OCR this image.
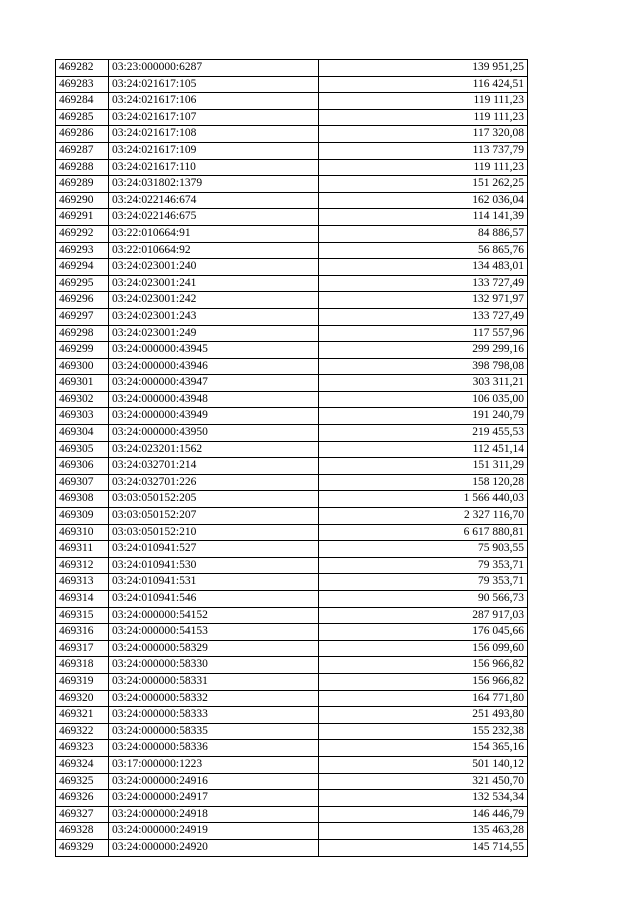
469282	03:23:000000:6287	139 951,25
469283	03:24:021617:105	116 424,51
469284	03:24:021617:106	119 111,23
469285	03:24:021617:107	119 111,23
469286	03:24:021617:108	117 320,08
469287	03:24:021617:109	113 737,79
469288	03:24:021617:110	119 111,23
469289	03:24:031802:1379	151 262,25
469290	03:24:022146:674	162 036,04
469291	03:24:022146:675	114 141,39
469292	03:22:010664:91	84 886,57
469293	03:22:010664:92	56 865,76
469294	03:24:023001:240	134 483,01
469295	03:24:023001:241	133 727,49
469296	03:24:023001:242	132 971,97
469297	03:24:023001:243	133 727,49
469298	03:24:023001:249	117 557,96
469299	03:24:000000:43945	299 299,16
469300	03:24:000000:43946	398 798,08
469301	03:24:000000:43947	303 311,21
469302	03:24:000000:43948	106 035,00
469303	03:24:000000:43949	191 240,79
469304	03:24:000000:43950	219 455,53
469305	03:24:023201:1562	112 451,14
469306	03:24:032701:214	151 311,29
469307	03:24:032701:226	158 120,28
469308	03:03:050152:205	1 566 440,03
469309	03:03:050152:207	2 327 116,70
469310	03:03:050152:210	6 617 880,81
469311	03:24:010941:527	75 903,55
469312	03:24:010941:530	79 353,71
469313	03:24:010941:531	79 353,71
469314	03:24:010941:546	90 566,73
469315	03:24:000000:54152	287 917,03
469316	03:24:000000:54153	176 045,66
469317	03:24:000000:58329	156 099,60
469318	03:24:000000:58330	156 966,82
469319	03:24:000000:58331	156 966,82
469320	03:24:000000:58332	164 771,80
469321	03:24:000000:58333	251 493,80
469322	03:24:000000:58335	155 232,38
469323	03:24:000000:58336	154 365,16
469324	03:17:000000:1223	501 140,12
469325	03:24:000000:24916	321 450,70
469326	03:24:000000:24917	132 534,34
469327	03:24:000000:24918	146 446,79
469328	03:24:000000:24919	135 463,28
469329	03:24:000000:24920	145 714,55
